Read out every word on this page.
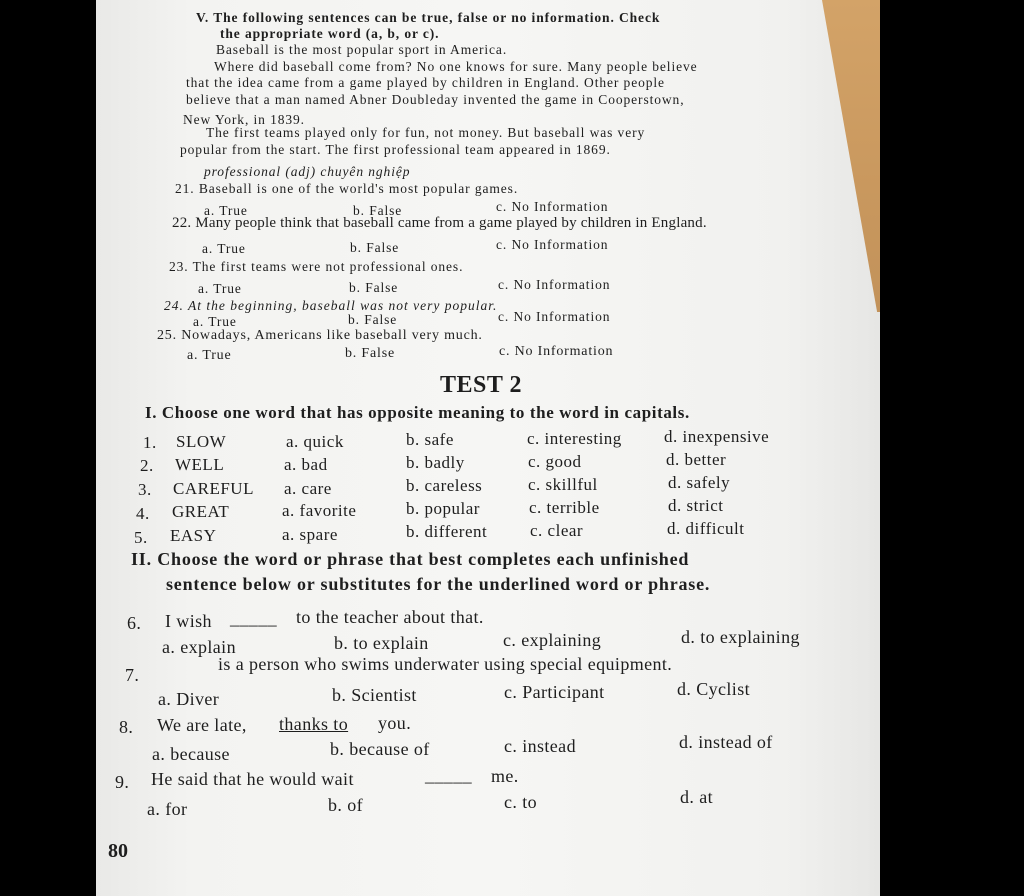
V. The following sentences can be true, false or no information. Check
the appropriate word (a, b, or c).
Baseball is the most popular sport in America.
Where did baseball come from? No one knows for sure. Many people believe
that the idea came from a game played by children in England. Other people
believe that a man named Abner Doubleday invented the game in Cooperstown,
New York, in 1839.
The first teams played only for fun, not money. But baseball was very
popular from the start. The first professional team appeared in 1869.
professional (adj) chuyên nghiệp
21. Baseball is one of the world's most popular games.
a. True	b. False	c. No Information
22. Many people think that baseball came from a game played by children in England.
a. True	b. False	c. No Information
23. The first teams were not professional ones.
a. True	b. False	c. No Information
24. At the beginning, baseball was not very popular.
a. True	b. False	c. No Information
25. Nowadays, Americans like baseball very much.
a. True	b. False	c. No Information
TEST 2
I. Choose one word that has opposite meaning to the word in capitals.
1. SLOW	a. quick	b. safe	c. interesting d. inexpensive
2. WELL	a. bad	b. badly	c. good	d. better
3. CAREFUL a. care	b. careless	c. skillful	d. safely
4. GREAT	a. favorite	b. popular	c. terrible	d. strict
5. EASY	a. spare	b. different	c. clear	d. difficult
II. Choose the word or phrase that best completes each unfinished
sentence below or substitutes for the underlined word or phrase.
6. I wish _____ to the teacher about that.
a. explain	b. to explain	c. explaining	d. to explaining
7.
is a person who swims underwater using special equipment.
a. Diver	b. Scientist	c. Participant	d. Cyclist
8. We are late, thanks to you.
a. because	b. because of	c. instead	d. instead of
9. He said that he would wait	_____ me.
a. for	b. of	c. to	d. at
80
